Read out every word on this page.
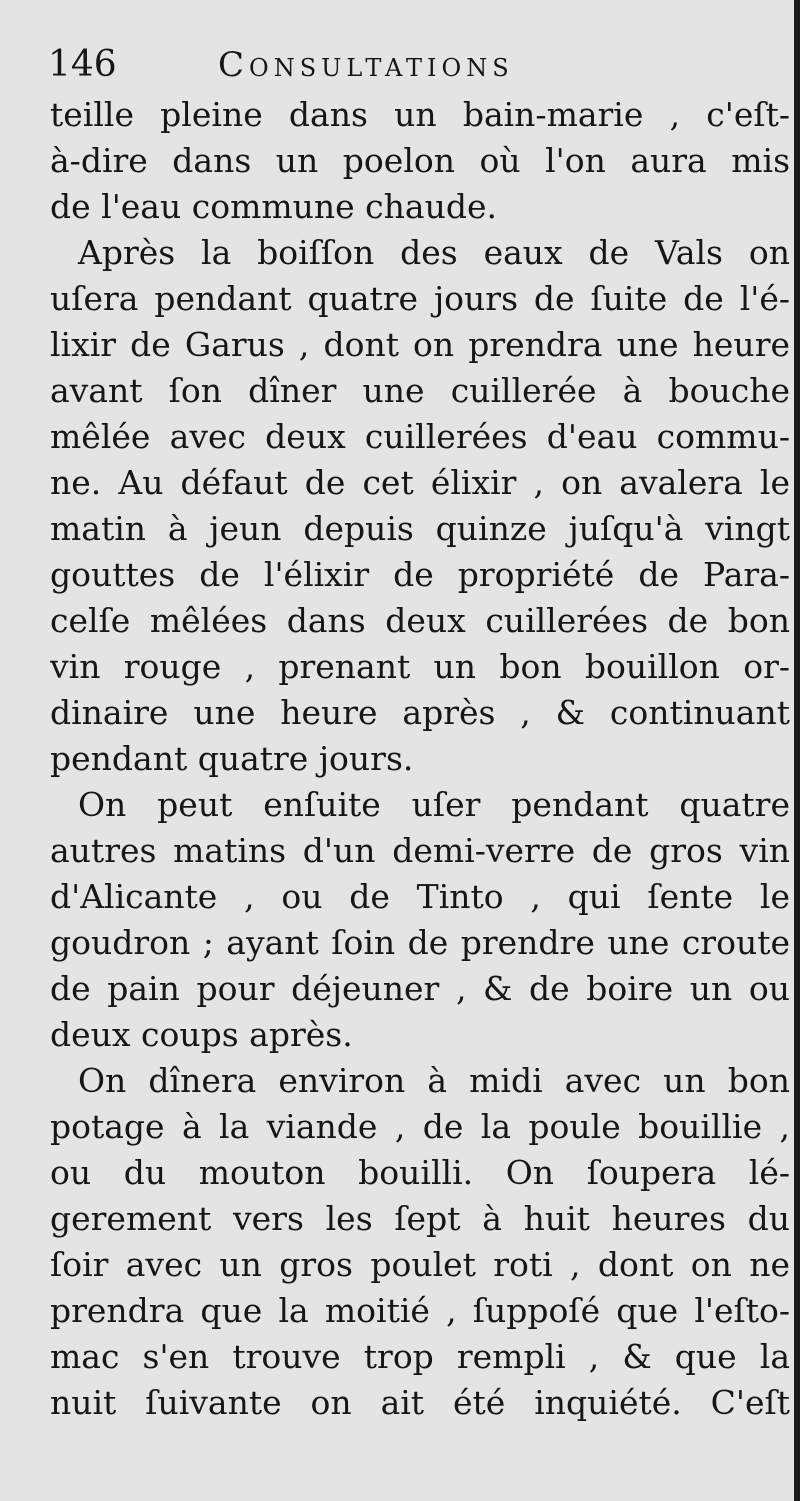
146	Consultations
teille pleine dans un bain-marie , c'eſt-
à-dire dans un poelon où l'on aura mis
de l'eau commune chaude.
Après la boiſſon des eaux de Vals on
uſera pendant quatre jours de ſuite de l'é-
lixir de Garus , dont on prendra une heure
avant ſon dîner une cuillerée à bouche
mêlée avec deux cuillerées d'eau commu-
ne. Au défaut de cet élixir , on avalera le
matin à jeun depuis quinze juſqu'à vingt
gouttes de l'élixir de propriété de Para-
celſe mêlées dans deux cuillerées de bon
vin rouge , prenant un bon bouillon or-
dinaire une heure après , & continuant
pendant quatre jours.
On peut enſuite uſer pendant quatre
autres matins d'un demi-verre de gros vin
d'Alicante , ou de Tinto , qui ſente le
goudron ; ayant ſoin de prendre une croute
de pain pour déjeuner , & de boire un ou
deux coups après.
On dînera environ à midi avec un bon
potage à la viande , de la poule bouillie ,
ou du mouton bouilli. On ſoupera lé-
gerement vers les ſept à huit heures du
ſoir avec un gros poulet roti , dont on ne
prendra que la moitié , ſuppoſé que l'eſto-
mac s'en trouve trop rempli , & que la
nuit ſuivante on ait été inquiété. C'eſt
